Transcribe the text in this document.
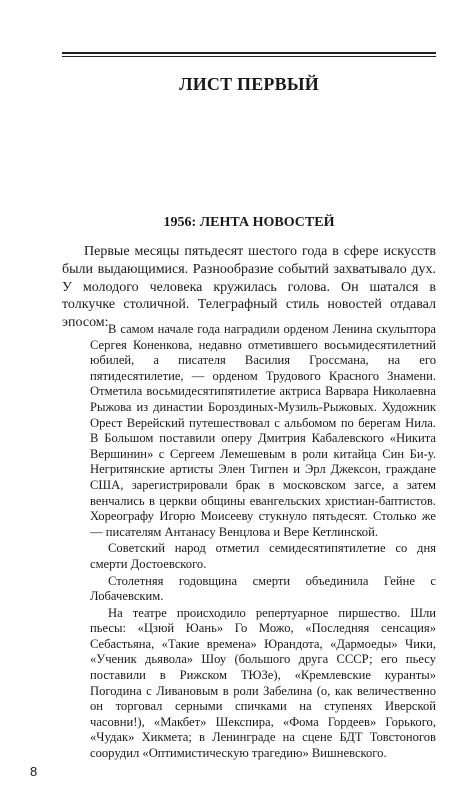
ЛИСТ ПЕРВЫЙ
1956: ЛЕНТА НОВОСТЕЙ

Первые месяцы пятьдесят шестого года в сфере искусств были выдающимися. Разнообразие событий захватывало дух. У молодого человека кружилась голова. Он шатался в толкучке столичной. Телеграфный стиль новостей отдавал эпосом: В самом начале года наградили орденом Ленина скульптора Сергея Коненкова, недавно отметившего восьмидесятилетний юбилей, а писателя Василия Гроссмана, на его пятидесятилетие, — орденом Трудового Красного Знамени. Отметила восьмидесятипятилетие актриса Варвара Николаевна Рыжова из династии Бороздиных-Музиль-Рыжовых. Художник Орест Верейский путешествовал с альбомом по берегам Нила. В Большом поставили оперу Дмитрия Кабалевского «Никита Вершинин» с Сергеем Лемешевым в роли китайца Син Би-у. Негритянские артисты Элен Тигпен и Эрл Джексон, граждане США, зарегистрировали брак в московском загсе, а затем венчались в церкви общины евангельских христиан-баптистов. Хореографу Игорю Моисееву стукнуло пятьдесят. Столько же — писателям Антанасу Венцлова и Вере Кетлинской.

Советский народ отметил семидесятипятилетие со дня смерти Достоевского.

Столетняя годовщина смерти объединила Гейне с Лобачевским.

На театре происходило репертуарное пиршество. Шли пьесы: «Цзюй Юань» Го Можо, «Последняя сенсация» Себастьяна, «Такие времена» Юрандота, «Дармоеды» Чики, «Ученик дьявола» Шоу (большого друга СССР; его пьесу поставили в Рижском ТЮЗе), «Кремлевские куранты» Погодина с Ливановым в роли Забелина (о, как величественно он торговал серными спичками на ступенях Иверской часовни!), «Макбет» Шекспира, «Фома Гордеев» Горького, «Чудак» Хикмета; в Ленинграде на сцене БДТ Товстоногов соорудил «Оптимистическую трагедию» Вишневского.

8
